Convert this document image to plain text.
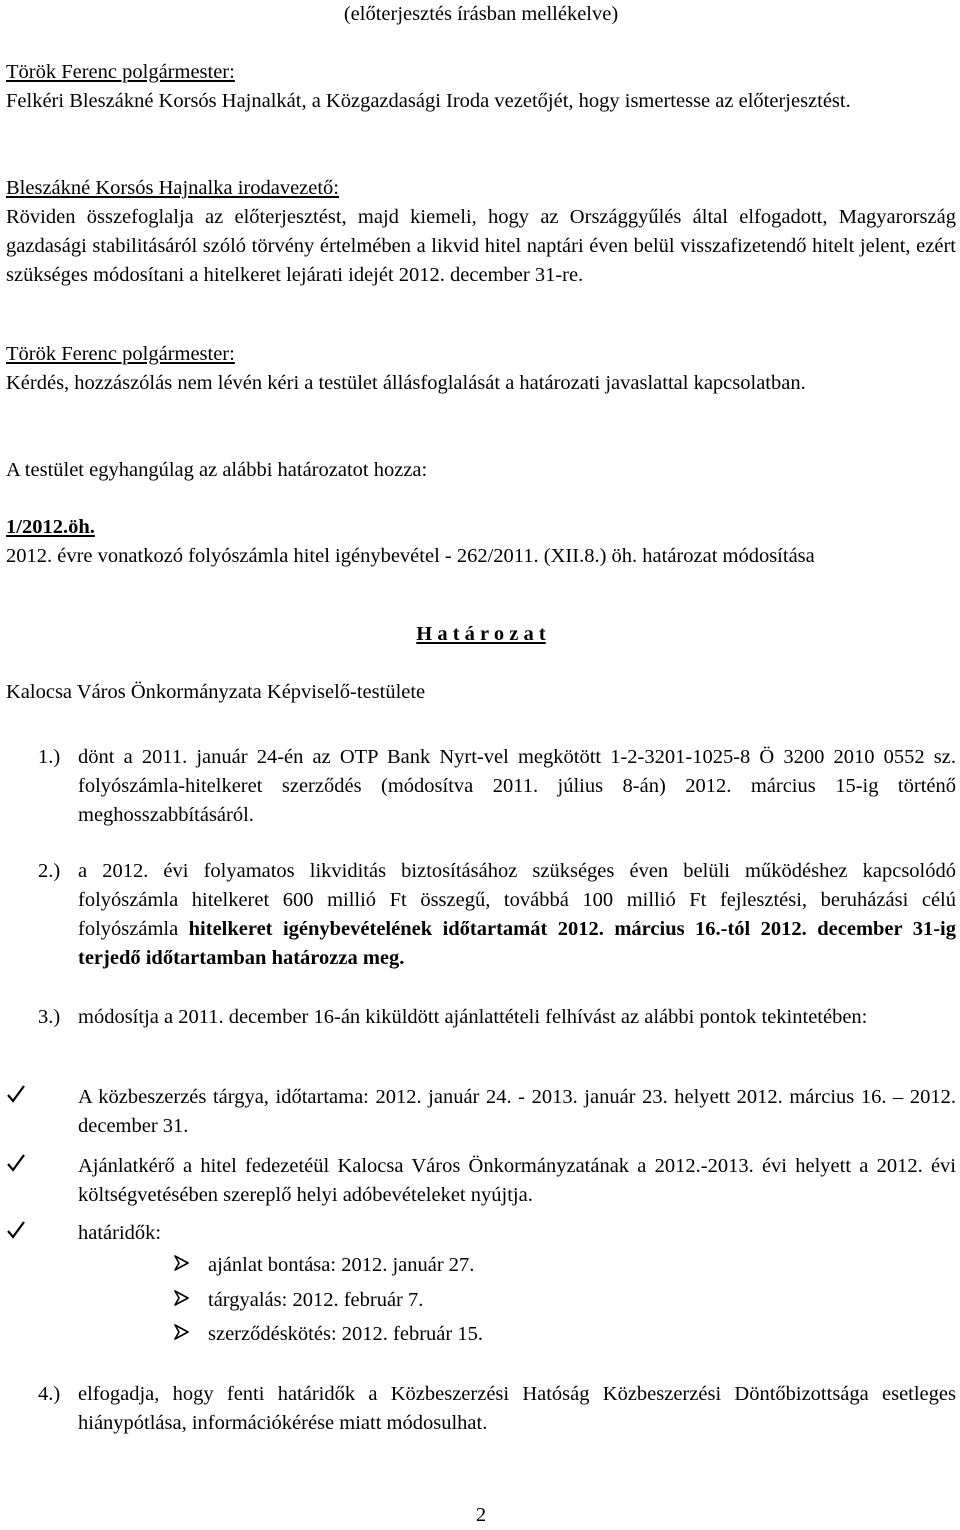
(előterjesztés írásban mellékelve)

Török Ferenc polgármester:

Felkéri Bleszákné Korsós Hajnalkát, a Közgazdasági Iroda vezetőjét, hogy ismertesse az előterjesztést.

Bleszákné Korsós Hajnalka irodavezető:

Röviden összefoglalja az előterjesztést, majd kiemeli, hogy az Országgyűlés által elfogadott, Magyarország gazdasági stabilitásáról szóló törvény értelmében a likvid hitel naptári éven belül visszafizetendő hitelt jelent, ezért szükséges módosítani a hitelkeret lejárati idejét 2012. december 31-re.

Török Ferenc polgármester:

Kérdés, hozzászólás nem lévén kéri a testület állásfoglalását a határozati javaslattal kapcsolatban.

A testület egyhangúlag az alábbi határozatot hozza:

1/2012.öh.

2012. évre vonatkozó folyószámla hitel igénybevétel - 262/2011. (XII.8.) öh. határozat módosítása

H a t á r o z a t

Kalocsa Város Önkormányzata Képviselő-testülete

1.) dönt a 2011. január 24-én az OTP Bank Nyrt-vel megkötött 1-2-3201-1025-8 Ö 3200 2010 0552 sz. folyószámla-hitelkeret szerződés (módosítva 2011. július 8-án) 2012. március 15-ig történő meghosszabbításáról.

2.) a 2012. évi folyamatos likviditás biztosításához szükséges éven belüli működéshez kapcsolódó folyószámla hitelkeret 600 millió Ft összegű, továbbá 100 millió Ft fejlesztési, beruházási célú folyószámla hitelkeret igénybevételének időtartamát 2012. március 16.-tól 2012. december 31-ig terjedő időtartamban határozza meg.

3.) módosítja a 2011. december 16-án kiküldött ajánlattételi felhívást az alábbi pontok tekintetében:

A közbeszerzés tárgya, időtartama: 2012. január 24. - 2013. január 23. helyett 2012. március 16. – 2012. december 31.

Ajánlatkérő a hitel fedezetéül Kalocsa Város Önkormányzatának a 2012.-2013. évi helyett a 2012. évi költségvetésében szereplő helyi adóbevételeket nyújtja.

határidők:

ajánlat bontása: 2012. január 27.

tárgyalás: 2012. február 7.

szerződéskötés: 2012. február 15.

4.) elfogadja, hogy fenti határidők a Közbeszerzési Hatóság Közbeszerzési Döntőbizottsága esetleges hiánypótlása, információkérése miatt módosulhat.

2
